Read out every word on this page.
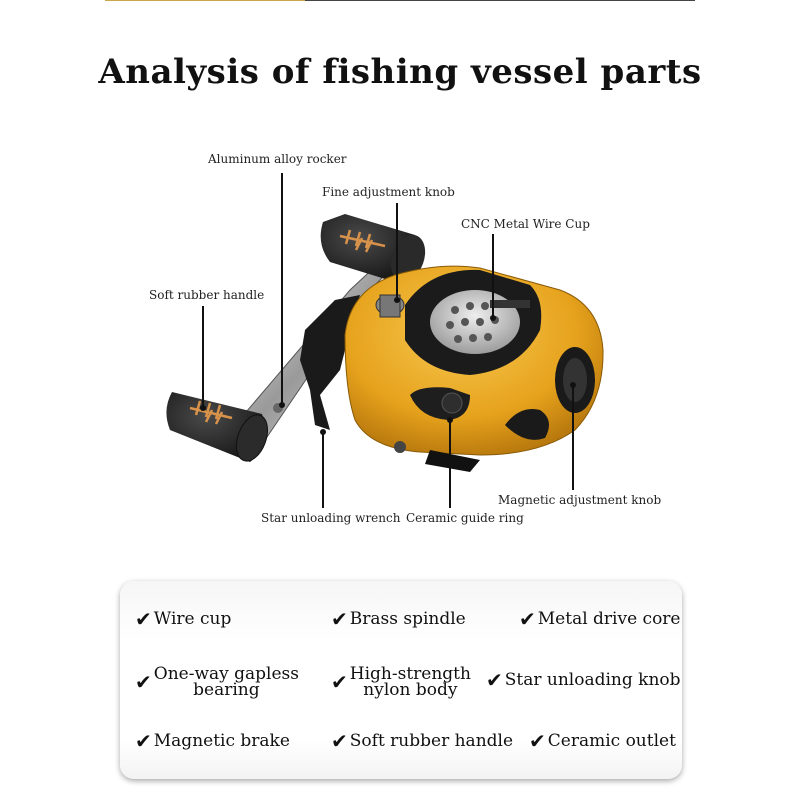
Analysis of fishing vessel parts
Aluminum alloy rocker
Fine adjustment knob
CNC Metal Wire Cup
Soft rubber handle
Magnetic adjustment knob
Star unloading wrench Ceramic guide ring
✔ Wire cup	✔ Brass spindle	✔ Metal drive core
✔ One-way gapless
bearing	✔ High-strength
nylon body	✔ Star unloading knob
✔ Magnetic brake ✔ Soft rubber handle ✔ Ceramic outlet
